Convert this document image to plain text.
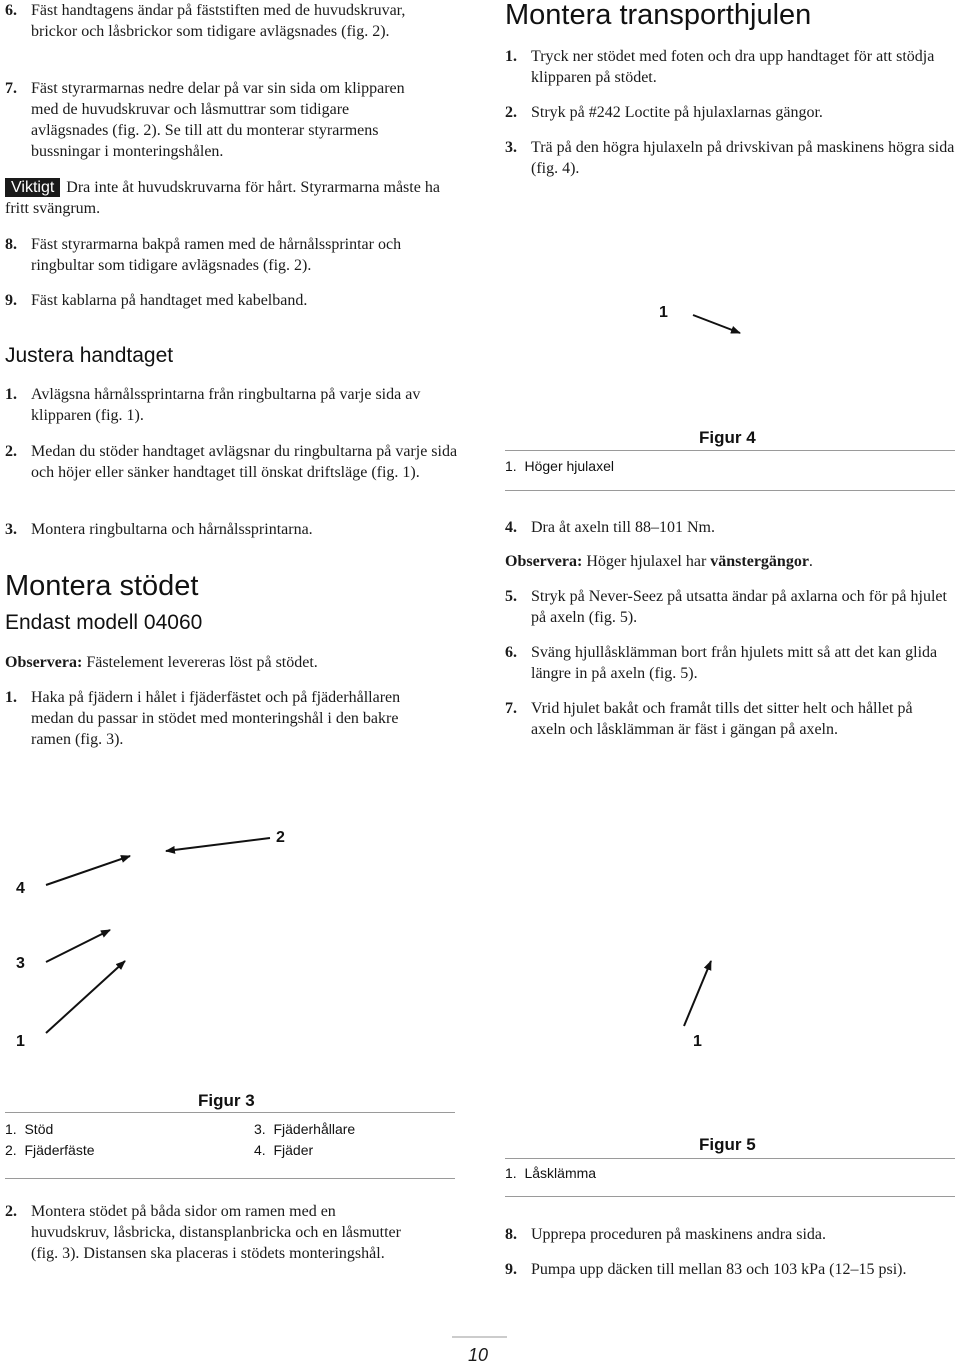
6. Fäst handtagens ändar på fäststiften med de huvudskruvar, brickor och låsbrickor som tidigare avlägsnades (fig. 2).
7. Fäst styrarmarnas nedre delar på var sin sida om klipparen med de huvudskruvar och låsmuttrar som tidigare avlägsnades (fig. 2). Se till att du monterar styrarmens bussningar i monteringshålen.
Viktigt Dra inte åt huvudskruvarna för hårt. Styrarmarna måste ha fritt svängrum.
8. Fäst styrarmarna bakpå ramen med de hårnålssprintar och ringbultar som tidigare avlägsnades (fig. 2).
9. Fäst kablarna på handtaget med kabelband.
Justera handtaget
1. Avlägsna hårnålssprintarna från ringbultarna på varje sida av klipparen (fig. 1).
2. Medan du stöder handtaget avlägsnar du ringbultarna på varje sida och höjer eller sänker handtaget till önskat driftsläge (fig. 1).
3. Montera ringbultarna och hårnålssprintarna.
Montera stödet
Endast modell 04060
Observera: Fästelement levereras löst på stödet.
1. Haka på fjädern i hålet i fjäderfästet och på fjäderhållaren medan du passar in stödet med monteringshål i den bakre ramen (fig. 3).
2
4
3
1	1
Figur 3
1. Stöd
2. Fjäderfäste
3. Fjäderhållare
4. Fjäder
2. Montera stödet på båda sidor om ramen med en huvudskruv, låsbricka, distansplanbricka och en låsmutter (fig. 3). Distansen ska placeras i stödets monteringshål.
Montera transporthjulen
1. Tryck ner stödet med foten och dra upp handtaget för att stödja klipparen på stödet.
2. Stryk på #242 Loctite på hjulaxlarnas gängor.
3. Trä på den högra hjulaxeln på drivskivan på maskinens högra sida (fig. 4).
1
Figur 4
1. Höger hjulaxel
4. Dra åt axeln till 88–101 Nm.
Observera: Höger hjulaxel har vänstergängor.
5. Stryk på Never-Seez på utsatta ändar på axlarna och för på hjulet på axeln (fig. 5).
6. Sväng hjullåsklämman bort från hjulets mitt så att det kan glida längre in på axeln (fig. 5).
7. Vrid hjulet bakåt och framåt tills det sitter helt och hållet på axeln och låsklämman är fäst i gängan på axeln.
Figur 5
1. Låsklämma
8. Upprepa proceduren på maskinens andra sida.
9. Pumpa upp däcken till mellan 83 och 103 kPa (12–15 psi).
10
